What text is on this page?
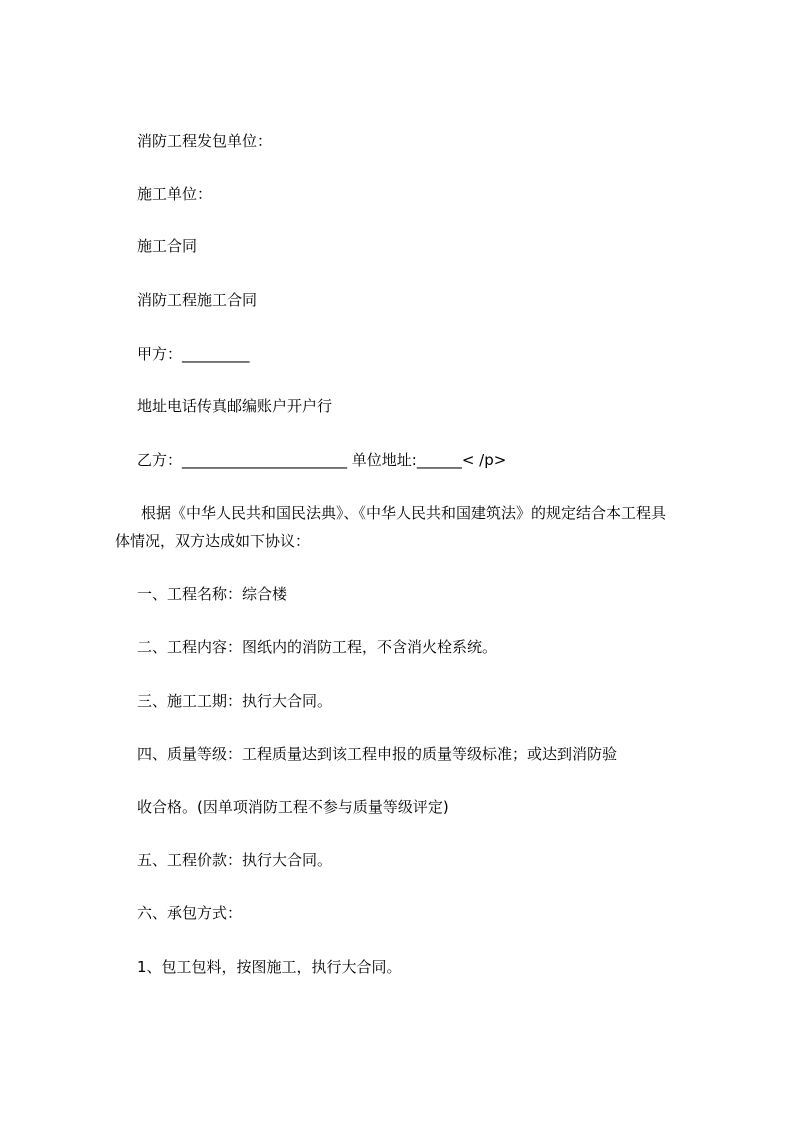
消防工程发包单位：
施工单位：
施工合同
消防工程施工合同
甲方：_________
地址电话传真邮编账户开户行
乙方：______________________ 单位地址:______< /p>
根据《中华人民共和国民法典》、《中华人民共和国建筑法》的规定结合本工程具
体情况，双方达成如下协议：
一、工程名称：综合楼
二、工程内容：图纸内的消防工程，不含消火栓系统。
三、施工工期：执行大合同。
四、质量等级：工程质量达到该工程申报的质量等级标准；或达到消防验
收合格。(因单项消防工程不参与质量等级评定)
五、工程价款：执行大合同。
六、承包方式：
1、包工包料，按图施工，执行大合同。
